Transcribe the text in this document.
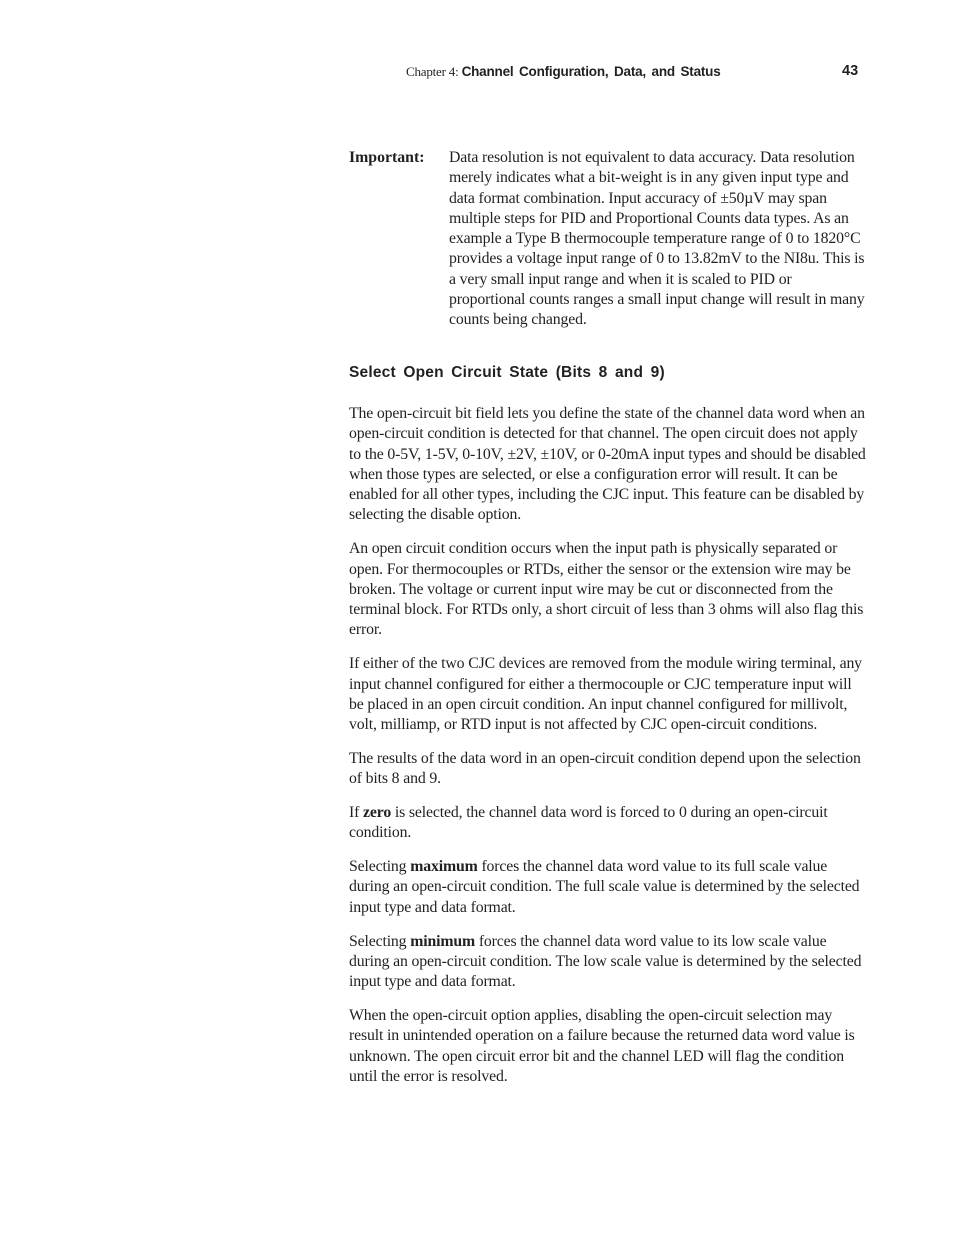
Chapter 4: Channel Configuration, Data, and Status	43
Important: Data resolution is not equivalent to data accuracy. Data resolution merely indicates what a bit-weight is in any given input type and data format combination. Input accuracy of ±50µV may span multiple steps for PID and Proportional Counts data types. As an example a Type B thermocouple temperature range of 0 to 1820°C provides a voltage input range of 0 to 13.82mV to the NI8u. This is a very small input range and when it is scaled to PID or proportional counts ranges a small input change will result in many counts being changed.
Select Open Circuit State (Bits 8 and 9)

The open-circuit bit field lets you define the state of the channel data word when an open-circuit condition is detected for that channel. The open circuit does not apply to the 0-5V, 1-5V, 0-10V, ±2V, ±10V, or 0-20mA input types and should be disabled when those types are selected, or else a configuration error will result. It can be enabled for all other types, including the CJC input. This feature can be disabled by selecting the disable option.

An open circuit condition occurs when the input path is physically separated or open. For thermocouples or RTDs, either the sensor or the extension wire may be broken. The voltage or current input wire may be cut or disconnected from the terminal block. For RTDs only, a short circuit of less than 3 ohms will also flag this error.

If either of the two CJC devices are removed from the module wiring terminal, any input channel configured for either a thermocouple or CJC temperature input will be placed in an open circuit condition. An input channel configured for millivolt, volt, milliamp, or RTD input is not affected by CJC open-circuit conditions.

The results of the data word in an open-circuit condition depend upon the selection of bits 8 and 9.

If zero is selected, the channel data word is forced to 0 during an open-circuit condition.

Selecting maximum forces the channel data word value to its full scale value during an open-circuit condition. The full scale value is determined by the selected input type and data format.

Selecting minimum forces the channel data word value to its low scale value during an open-circuit condition. The low scale value is determined by the selected input type and data format.

When the open-circuit option applies, disabling the open-circuit selection may result in unintended operation on a failure because the returned data word value is unknown. The open circuit error bit and the channel LED will flag the condition until the error is resolved.
